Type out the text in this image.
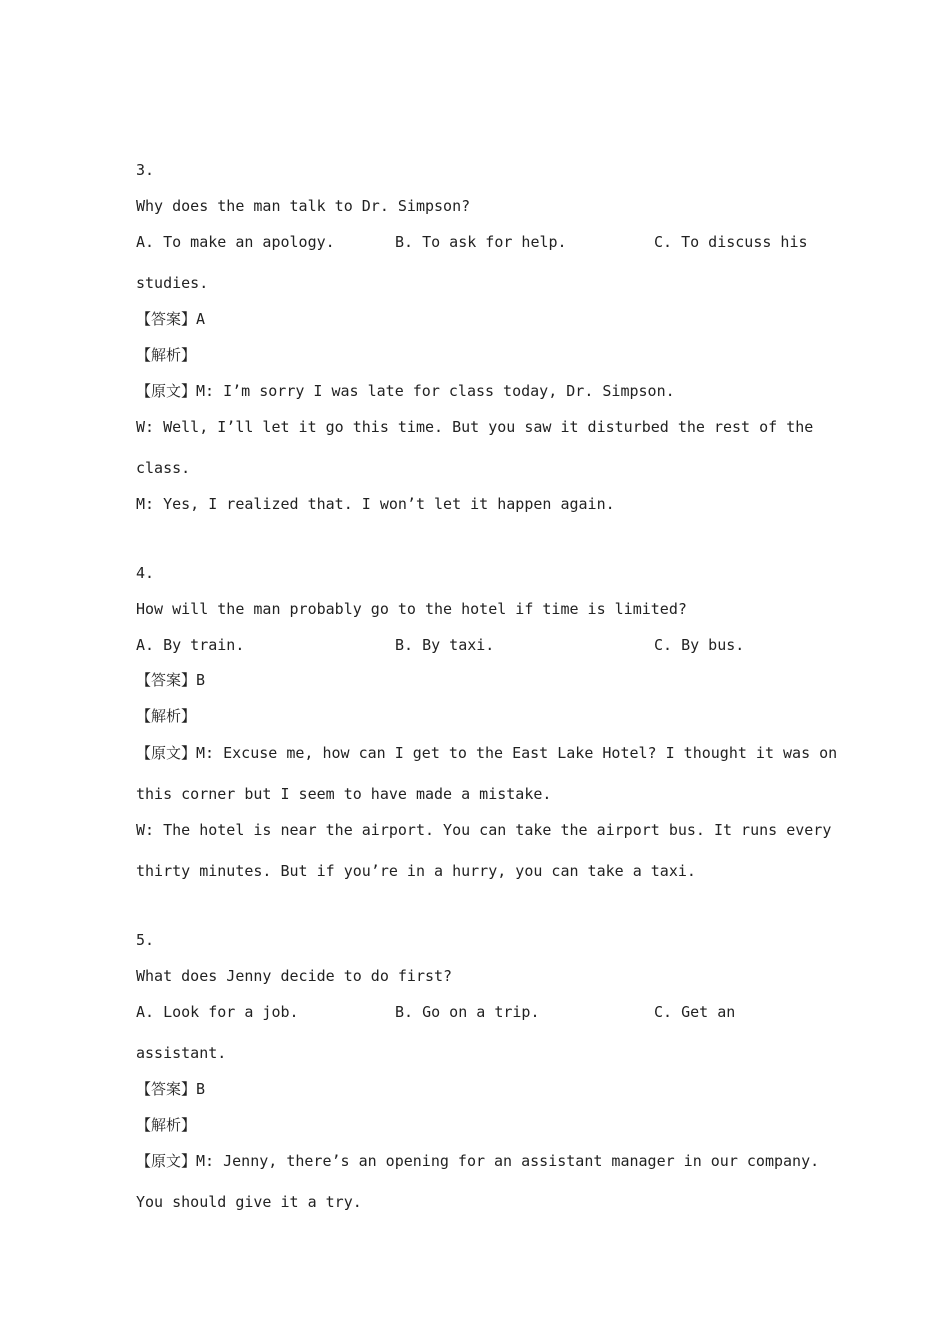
3.
Why does the man talk to Dr. Simpson?
A. To make an apology.	B. To ask for help.	C. To discuss his
studies.
【答案】A
【解析】
【原文】M: I’m sorry I was late for class today, Dr. Simpson.
W: Well, I’ll let it go this time. But you saw it disturbed the rest of the
class.
M: Yes, I realized that. I won’t let it happen again.
4.
How will the man probably go to the hotel if time is limited?
A. By train.	B. By taxi.	C. By bus.
【答案】B
【解析】
【原文】M: Excuse me, how can I get to the East Lake Hotel? I thought it was on
this corner but I seem to have made a mistake.
W: The hotel is near the airport. You can take the airport bus. It runs every
thirty minutes. But if you’re in a hurry, you can take a taxi.
5.
What does Jenny decide to do first?
A. Look for a job.	B. Go on a trip.	C. Get an
assistant.
【答案】B
【解析】
【原文】M: Jenny, there’s an opening for an assistant manager in our company.
You should give it a try.
